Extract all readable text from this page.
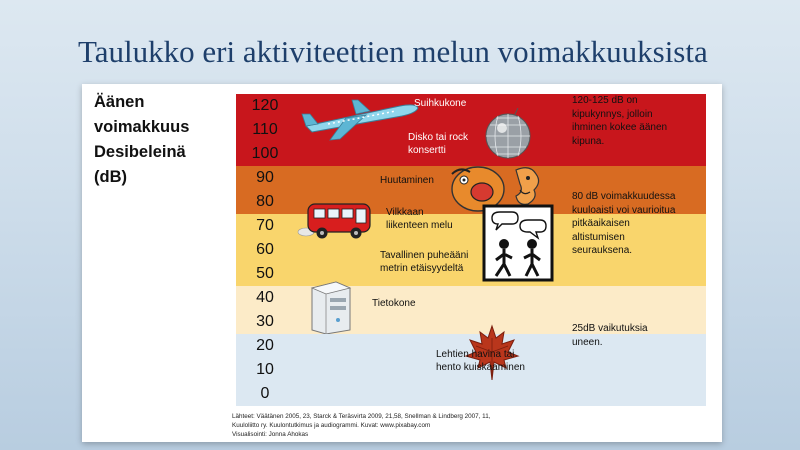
Taulukko eri aktiviteettien melun voimakkuuksista
Äänen
voimakkuus
Desibeleinä
(dB)
120
110
100
90
80
70
60
50
40
30
20
10
0
Suihkukone
Disko tai rock
konsertti
Huutaminen
Vilkkaan
liikenteen melu
Tavallinen puheääni
metrin etäisyydeltä
Tietokone
Lehtien havina tai
hento kuiskaaminen
120-125 dB on
kipukynnys, jolloin
ihminen kokee äänen
kipuna.
80 dB voimakkuudessa
kuuloaisti voi vaurioitua
pitkäaikaisen
altistumisen
seurauksena.
25dB vaikutuksia
uneen.
Lähteet: Väätänen 2005, 23, Starck & Teräsvirta 2009, 21,58, Snellman & Lindberg 2007, 11,
Kuuloliitto ry. Kuulontutkimus ja audiogrammi. Kuvat: www.pixabay.com
Visualisointi: Jonna Ahokas
